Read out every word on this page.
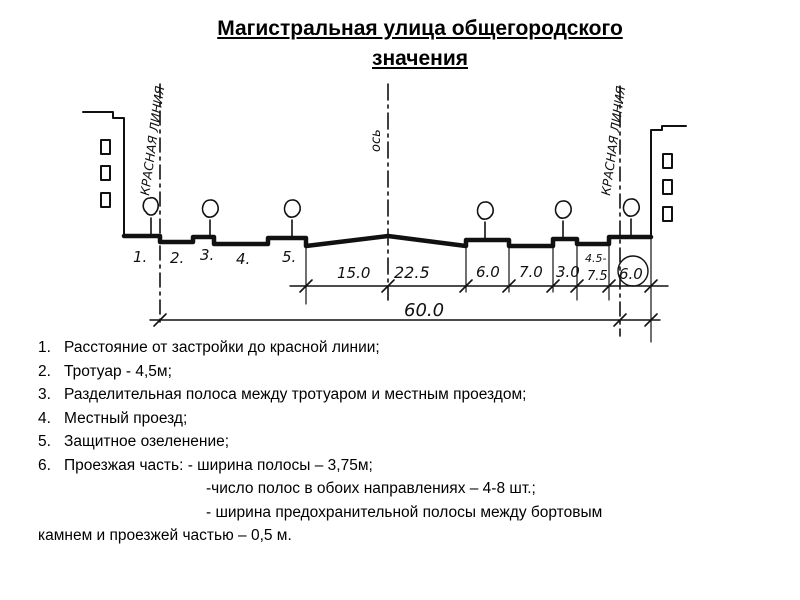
Магистральная улица общегородского
значения
КРАСНАЯ ЛИНИЯ	КРАСНАЯ ЛИНИЯ
ось
1. 2. 3. 4. 5.
15.0 22.5	6.0 7.0 3.0
4.5-
7.5 6.0
60.0
1. Расстояние от застройки до красной линии;
2. Тротуар - 4,5м;
3. Разделительная полоса между тротуаром и местным проездом;
4. Местный проезд;
5. Защитное озеленение;
6. Проезжая часть: - ширина полосы – 3,75м;
-число полос в обоих направлениях – 4-8 шт.;
- ширина предохранительной полосы между бортовым
камнем и проезжей частью – 0,5 м.
